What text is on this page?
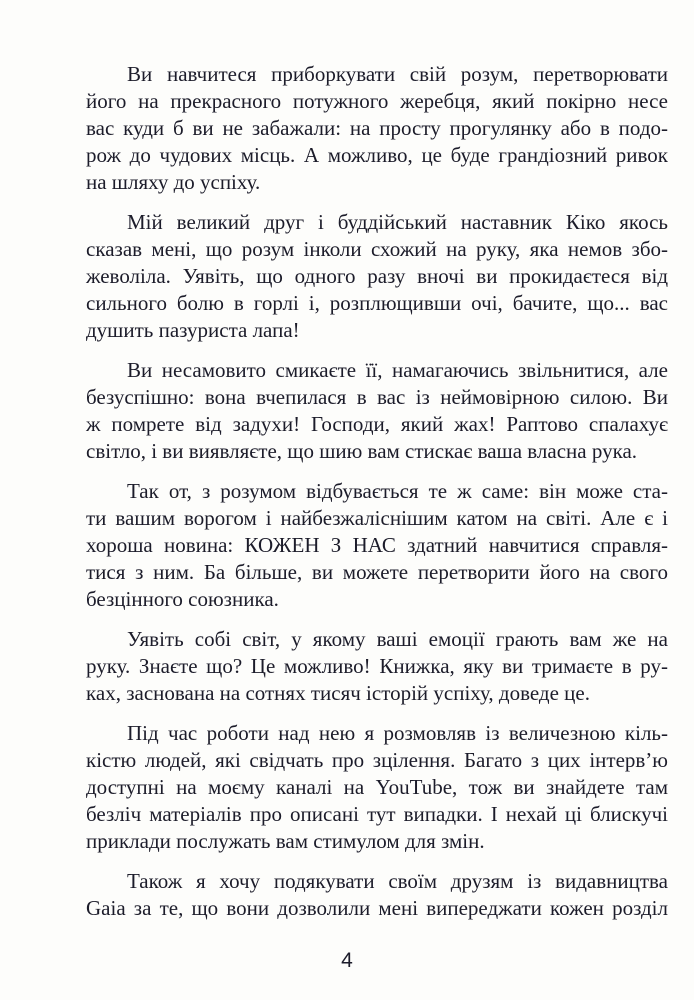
Ви навчитеся приборкувати свій розум, перетворювати
його на прекрасного потужного жеребця, який покірно несе
вас куди б ви не забажали: на просту прогулянку або в подо-
рож до чудових місць. А можливо, це буде грандіозний ривок
на шляху до успіху.
Мій великий друг і буддійський наставник Кіко якось
сказав мені, що розум інколи схожий на руку, яка немов збо-
жеволіла. Уявіть, що одного разу вночі ви прокидаєтеся від
сильного болю в горлі і, розплющивши очі, бачите, що... вас
душить пазуриста лапа!
Ви несамовито смикаєте її, намагаючись звільнитися, але
безуспішно: вона вчепилася в вас із неймовірною силою. Ви
ж помрете від задухи! Господи, який жах! Раптово спалахує
світло, і ви виявляєте, що шию вам стискає ваша власна рука.
Так от, з розумом відбувається те ж саме: він може ста-
ти вашим ворогом і найбезжаліснішим катом на світі. Але є і
хороша новина: КОЖЕН З НАС здатний навчитися справля-
тися з ним. Ба більше, ви можете перетворити його на свого
безцінного союзника.
Уявіть собі світ, у якому ваші емоції грають вам же на
руку. Знаєте що? Це можливо! Книжка, яку ви тримаєте в ру-
ках, заснована на сотнях тисяч історій успіху, доведе це.
Під час роботи над нею я розмовляв із величезною кіль-
кістю людей, які свідчать про зцілення. Багато з цих інтерв’ю
доступні на моєму каналі на YouTube, тож ви знайдете там
безліч матеріалів про описані тут випадки. І нехай ці блискучі
приклади послужать вам стимулом для змін.
Також я хочу подякувати своїм друзям із видавництва
Gaia за те, що вони дозволили мені випереджати кожен розділ
4
